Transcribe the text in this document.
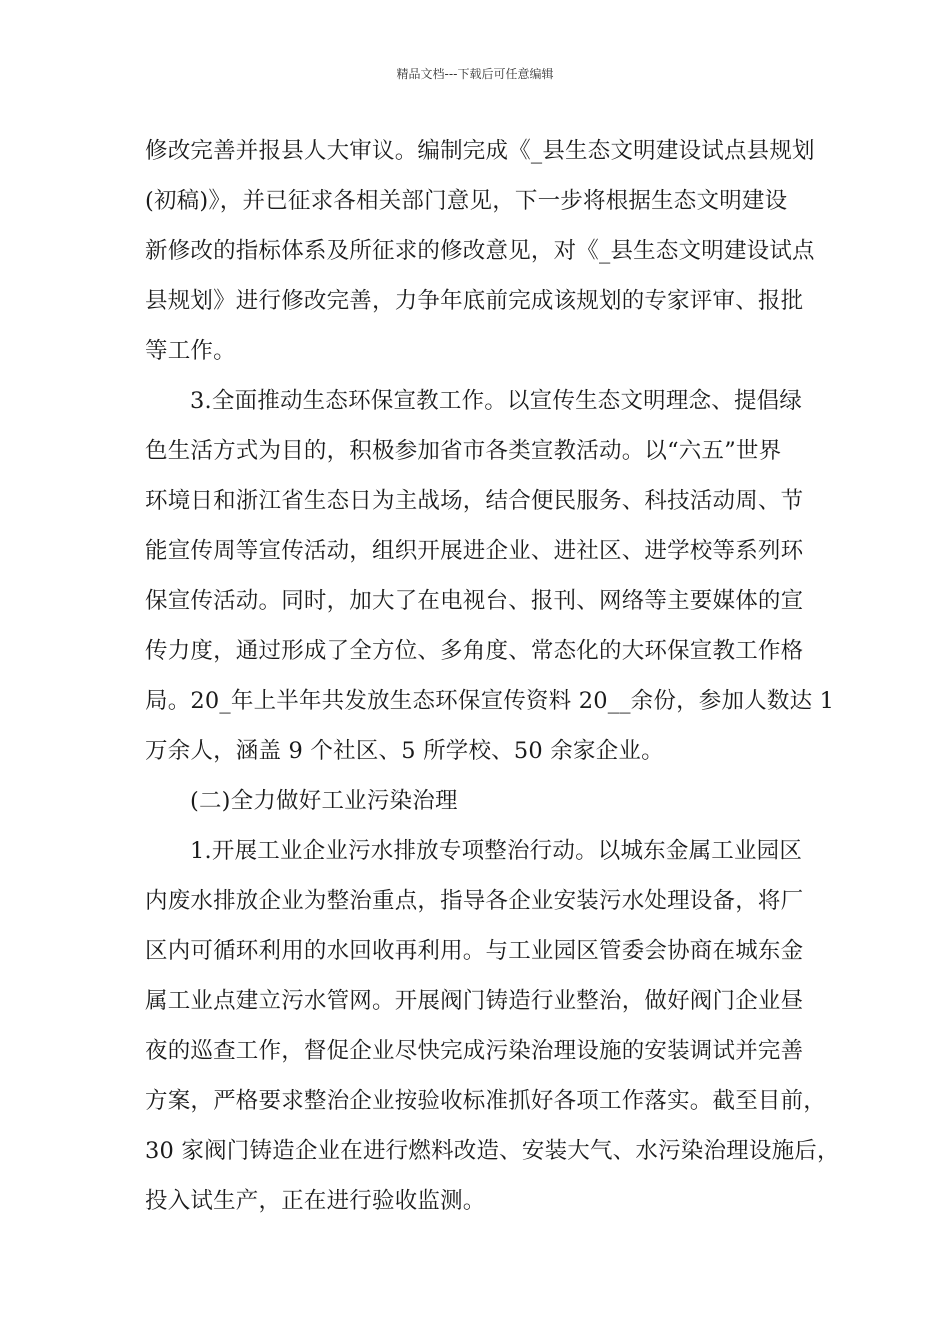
精品文档---下载后可任意编辑
修改完善并报县人大审议。编制完成《_县生态文明建设试点县规划
(初稿)》，并已征求各相关部门意见，下一步将根据生态文明建设
新修改的指标体系及所征求的修改意见，对《_县生态文明建设试点
县规划》进行修改完善，力争年底前完成该规划的专家评审、报批
等工作。
3.全面推动生态环保宣教工作。以宣传生态文明理念、提倡绿
色生活方式为目的，积极参加省市各类宣教活动。以“六五”世界
环境日和浙江省生态日为主战场，结合便民服务、科技活动周、节
能宣传周等宣传活动，组织开展进企业、进社区、进学校等系列环
保宣传活动。同时，加大了在电视台、报刊、网络等主要媒体的宣
传力度，通过形成了全方位、多角度、常态化的大环保宣教工作格
局。20_年上半年共发放生态环保宣传资料 20__余份，参加人数达 1
万余人，涵盖 9 个社区、5 所学校、50 余家企业。
(二)全力做好工业污染治理
1.开展工业企业污水排放专项整治行动。以城东金属工业园区
内废水排放企业为整治重点，指导各企业安装污水处理设备，将厂
区内可循环利用的水回收再利用。与工业园区管委会协商在城东金
属工业点建立污水管网。开展阀门铸造行业整治，做好阀门企业昼
夜的巡查工作，督促企业尽快完成污染治理设施的安装调试并完善
方案，严格要求整治企业按验收标准抓好各项工作落实。截至目前，
30 家阀门铸造企业在进行燃料改造、安装大气、水污染治理设施后，
投入试生产，正在进行验收监测。
